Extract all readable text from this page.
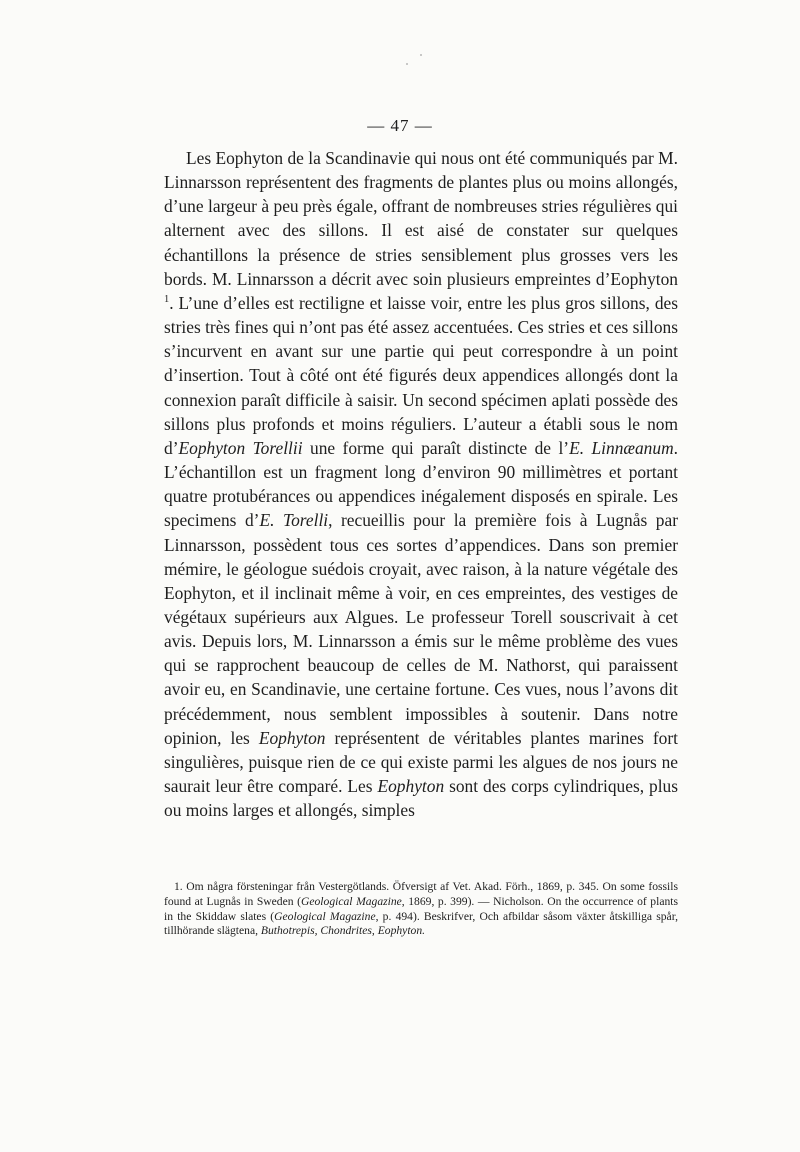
— 47 —

Les Eophyton de la Scandinavie qui nous ont été communiqués par M. Linnarsson représentent des fragments de plantes plus ou moins allongés, d’une largeur à peu près égale, offrant de nombreuses stries régulières qui alternent avec des sillons. Il est aisé de constater sur quelques échantillons la présence de stries sensiblement plus grosses vers les bords. M. Linnarsson a décrit avec soin plusieurs empreintes d’Eophyton $^1$. L’une d’elles est rectiligne et laisse voir, entre les plus gros sillons, des stries très fines qui n’ont pas été assez accentuées. Ces stries et ces sillons s’incurvent en avant sur une partie qui peut correspondre à un point d’insertion. Tout à côté ont été figurés deux appendices allongés dont la connexion paraît difficile à saisir. Un second spécimen aplati possède des sillons plus profonds et moins réguliers. L’auteur a établi sous le nom d’Eophyton Torellii une forme qui paraît distincte de l’E. Linnæanum. L’échantillon est un fragment long d’environ 90 millimètres et portant quatre protubérances ou appendices inégalement disposés en spirale. Les specimens d’E. Torelli, recueillis pour la première fois à Lugnås par Linnarsson, possèdent tous ces sortes d’appendices. Dans son premier mémire, le géologue suédois croyait, avec raison, à la nature végétale des Eophyton, et il inclinait même à voir, en ces empreintes, des vestiges de végétaux supérieurs aux Algues. Le professeur Torell souscrivait à cet avis. Depuis lors, M. Linnarsson a émis sur le même problème des vues qui se rapprochent beaucoup de celles de M. Nathorst, qui paraissent avoir eu, en Scandinavie, une certaine fortune. Ces vues, nous l’avons dit précédemment, nous semblent impossibles à soutenir. Dans notre opinion, les Eophyton représentent de véritables plantes marines fort singulières, puisque rien de ce qui existe parmi les algues de nos jours ne saurait leur être comparé. Les Eophyton sont des corps cylindriques, plus ou moins larges et allongés, simples

1. Om några försteningar från Vestergötlands. Öfversigt af Vet. Akad. Förh., 1869, p. 345. On some fossils found at Lugnås in Sweden (Geological Magazine, 1869, p. 399). — Nicholson. On the occurrence of plants in the Skiddaw slates (Geological Magazine, p. 494). Beskrifver, Och afbildar såsom växter åtskilliga spår, tillhörande slägtena, Buthotrepis, Chondrites, Eophyton.
